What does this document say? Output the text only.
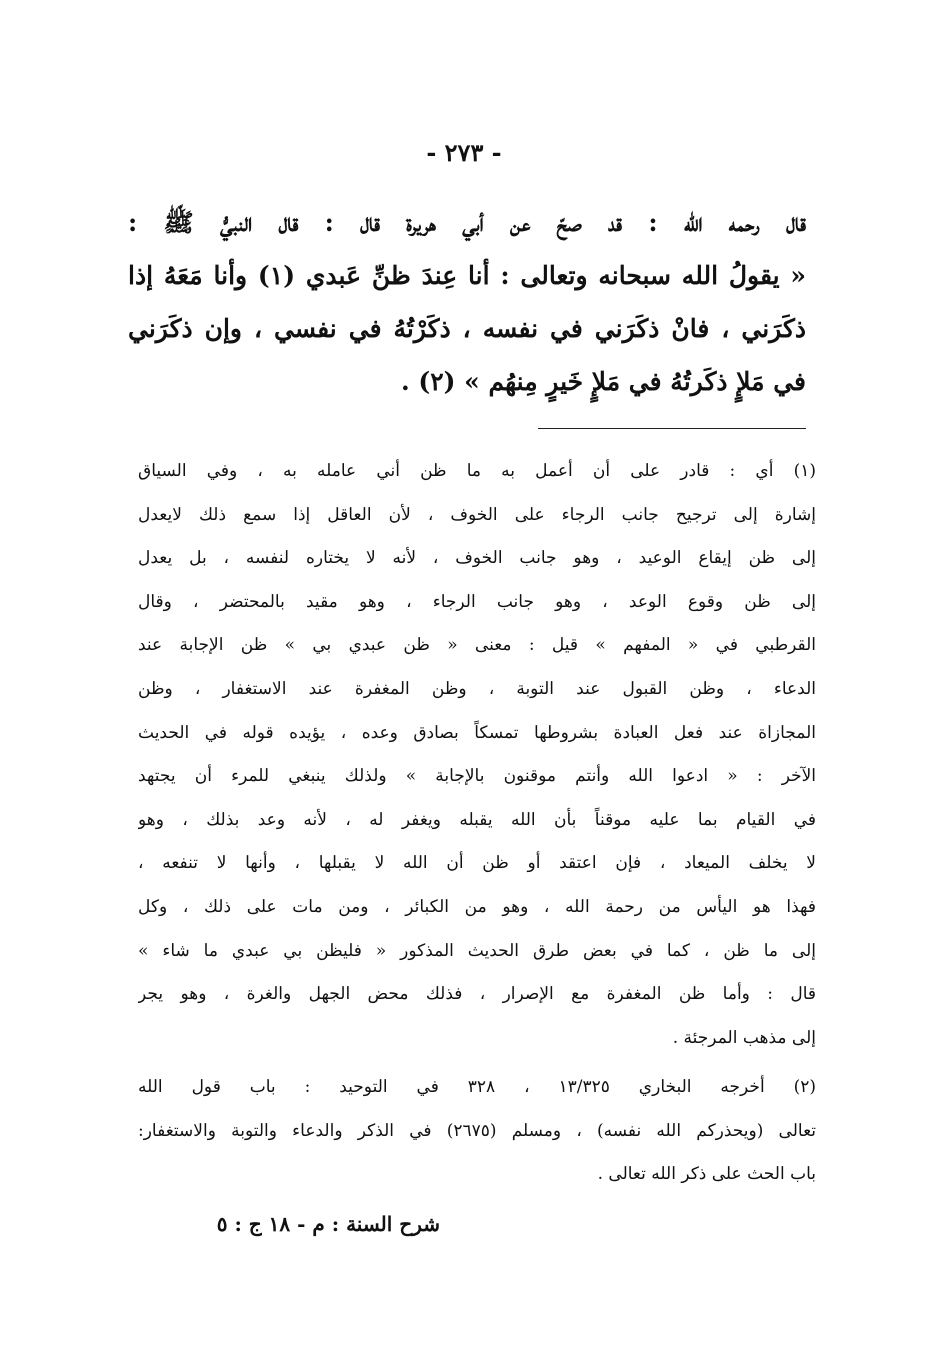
- ٢٧٣ -
قال رحمه الله : قد صحّ عن أبي هريرة قال : قال النبيُّ ﷺ :
« يقولُ الله سبحانه وتعالى : أنا عِندَ ظنِّ عَبدي (١) وأنا مَعَهُ إذا
ذكَرَني ، فانْ ذكَرَني في نفسه ، ذكَرْتُهُ في نفسي ، وإن ذكَرَني
في مَلإٍ ذكَرتُهُ في مَلإٍ خَيرٍ مِنهُم » (٢) .
(١) أي : قادر على أن أعمل به ما ظن أني عامله به ، وفي السياق
إشارة إلى ترجيح جانب الرجاء على الخوف ، لأن العاقل إذا سمع ذلك لايعدل
إلى ظن إيقاع الوعيد ، وهو جانب الخوف ، لأنه لا يختاره لنفسه ، بل يعدل
إلى ظن وقوع الوعد ، وهو جانب الرجاء ، وهو مقيد بالمحتضر ، وقال
القرطبي في « المفهم » قيل : معنى « ظن عبدي بي » ظن الإجابة عند
الدعاء ، وظن القبول عند التوبة ، وظن المغفرة عند الاستغفار ، وظن
المجازاة عند فعل العبادة بشروطها تمسكاً بصادق وعده ، يؤيده قوله في الحديث
الآخر : « ادعوا الله وأنتم موقنون بالإجابة » ولذلك ينبغي للمرء أن يجتهد
في القيام بما عليه موقناً بأن الله يقبله ويغفر له ، لأنه وعد بذلك ، وهو
لا يخلف الميعاد ، فإن اعتقد أو ظن أن الله لا يقبلها ، وأنها لا تنفعه ،
فهذا هو اليأس من رحمة الله ، وهو من الكبائر ، ومن مات على ذلك ، وكل
إلى ما ظن ، كما في بعض طرق الحديث المذكور « فليظن بي عبدي ما شاء »
قال : وأما ظن المغفرة مع الإصرار ، فذلك محض الجهل والغرة ، وهو يجر
إلى مذهب المرجئة .
(٢) أخرجه البخاري ١٣/٣٢٥ ، ٣٢٨ في التوحيد : باب قول الله
تعالى (ويحذركم الله نفسه) ، ومسلم (٢٦٧٥) في الذكر والدعاء والتوبة والاستغفار:
باب الحث على ذكر الله تعالى .
شرح السنة : م - ١٨ ج : ٥
